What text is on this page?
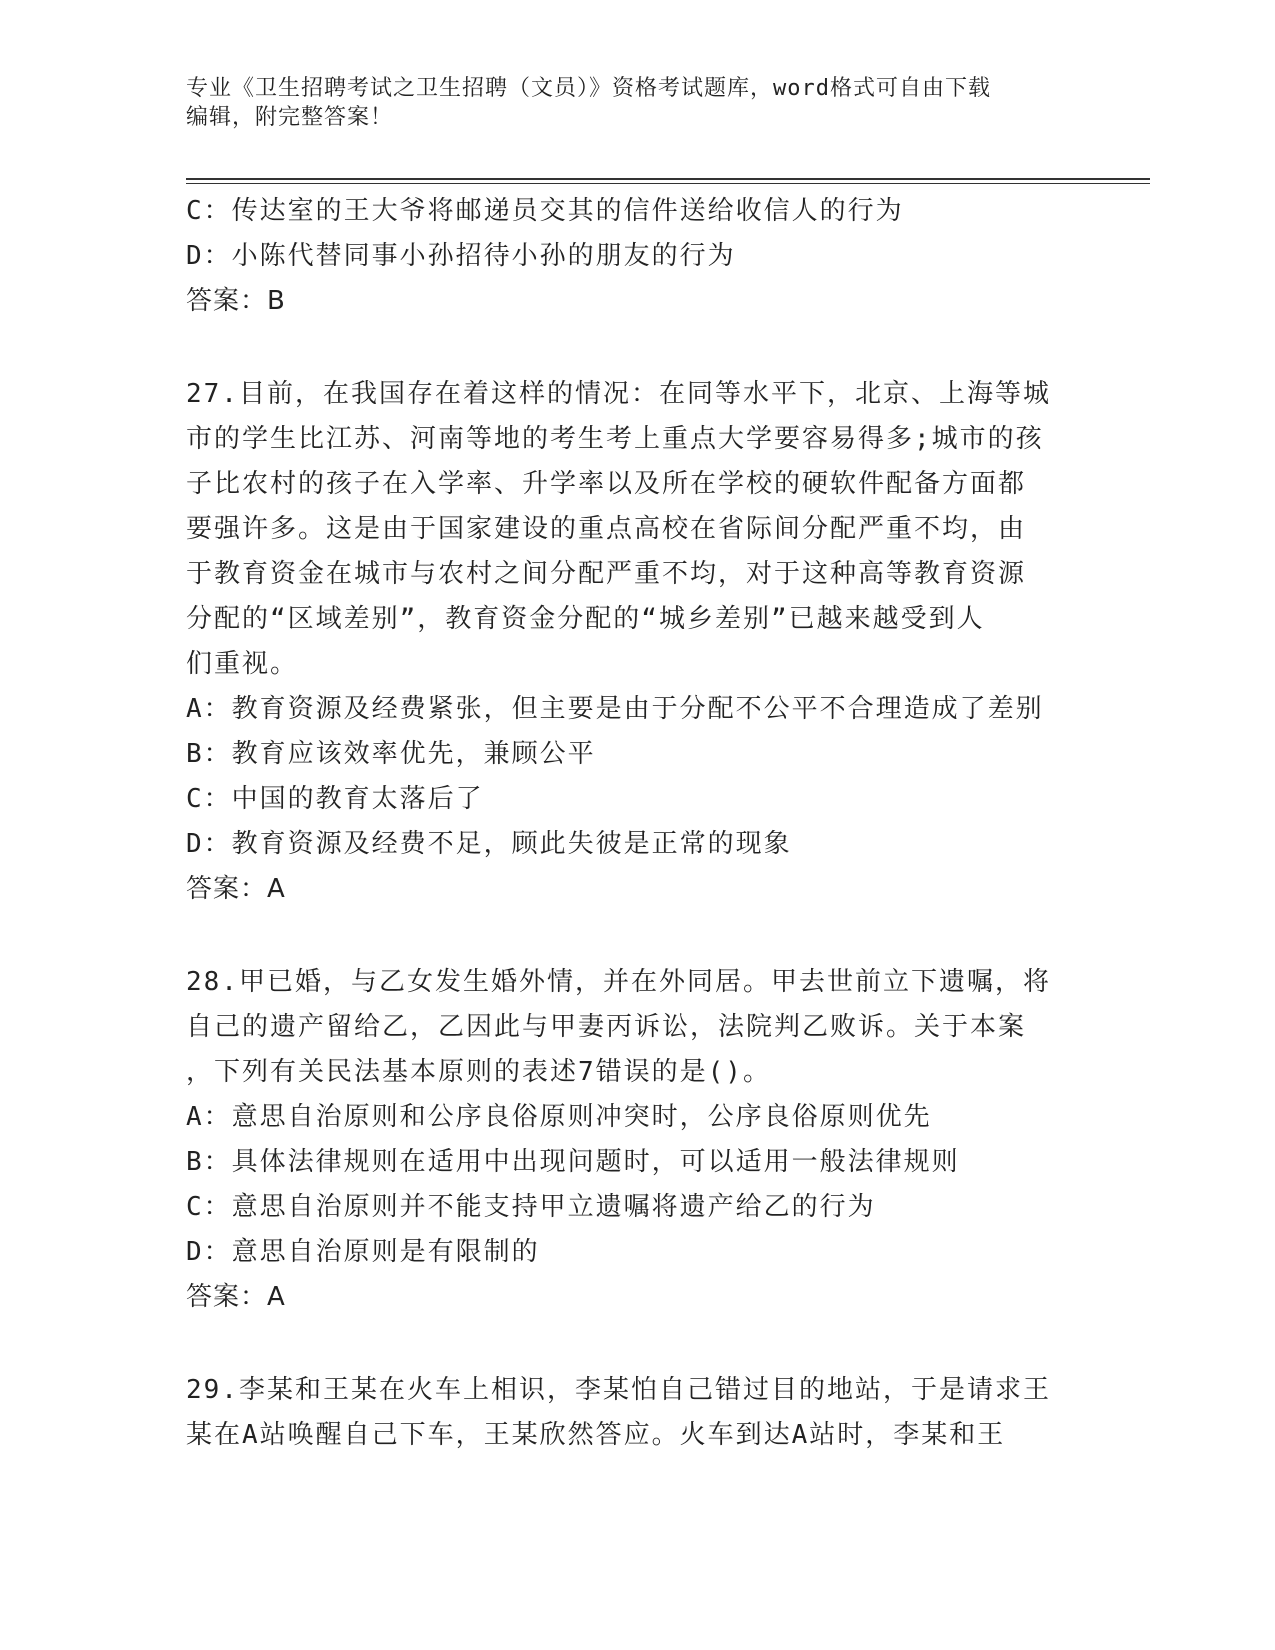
专业《卫生招聘考试之卫生招聘（文员）》资格考试题库，word格式可自由下载
编辑，附完整答案！
C：传达室的王大爷将邮递员交其的信件送给收信人的行为
D：小陈代替同事小孙招待小孙的朋友的行为
答案：B
27.目前，在我国存在着这样的情况：在同等水平下，北京、上海等城
市的学生比江苏、河南等地的考生考上重点大学要容易得多;城市的孩
子比农村的孩子在入学率、升学率以及所在学校的硬软件配备方面都
要强许多。这是由于国家建设的重点高校在省际间分配严重不均，由
于教育资金在城市与农村之间分配严重不均，对于这种高等教育资源
分配的“区域差别”，教育资金分配的“城乡差别”已越来越受到人
们重视。
A：教育资源及经费紧张，但主要是由于分配不公平不合理造成了差别
B：教育应该效率优先，兼顾公平
C：中国的教育太落后了
D：教育资源及经费不足，顾此失彼是正常的现象
答案：A
28.甲已婚，与乙女发生婚外情，并在外同居。甲去世前立下遗嘱，将
自己的遗产留给乙，乙因此与甲妻丙诉讼，法院判乙败诉。关于本案
，下列有关民法基本原则的表述7错误的是()。
A：意思自治原则和公序良俗原则冲突时，公序良俗原则优先
B：具体法律规则在适用中出现问题时，可以适用一般法律规则
C：意思自治原则并不能支持甲立遗嘱将遗产给乙的行为
D：意思自治原则是有限制的
答案：A
29.李某和王某在火车上相识，李某怕自己错过目的地站，于是请求王
某在A站唤醒自己下车，王某欣然答应。火车到达A站时，李某和王
